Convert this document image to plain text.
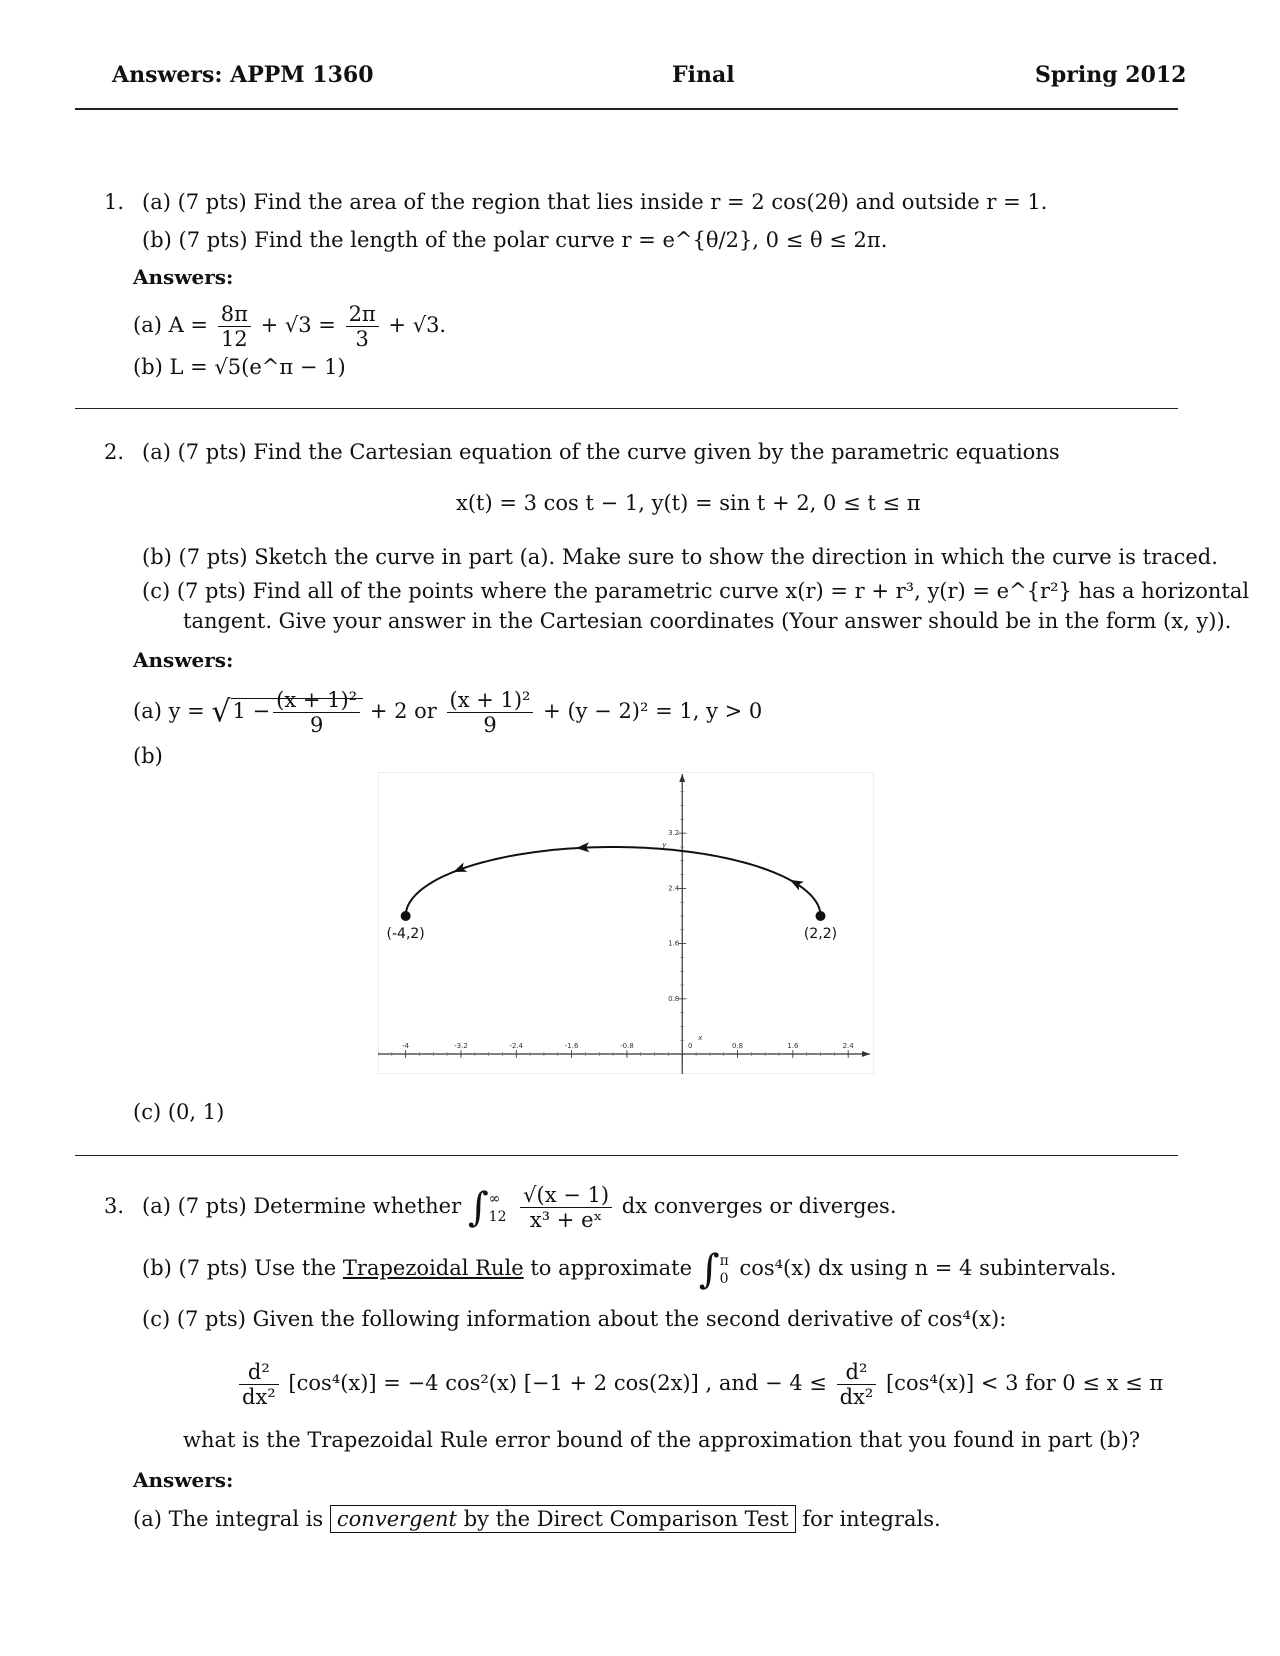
Answers: APPM 1360	Final	Spring 2012
1. (a) (7 pts) Find the area of the region that lies inside r = 2 cos(2θ) and outside r = 1.
(b) (7 pts) Find the length of the polar curve r = e^{θ/2}, 0 ≤ θ ≤ 2π.
Answers:
(a) $A = \frac{8\pi}{12} + √3 = \frac{2\pi}{3} + √3$.
(b) L = √5(e^π − 1)
2. (a) (7 pts) Find the Cartesian equation of the curve given by the parametric equations
x(t) = 3 cos t − 1, y(t) = sin t + 2, 0 ≤ t ≤ π
(b) (7 pts) Sketch the curve in part (a). Make sure to show the direction in which the curve is traced.
(c) (7 pts) Find all of the points where the parametric curve x(r) = r + r³, y(r) = e^{r²} has a horizontal
tangent. Give your answer in the Cartesian coordinates (Your answer should be in the form (x, y)).
Answers:
(a) $y = √1 - \frac{\text{(x + 1)²}}{9} + 2$ or $\frac{\text{(x + 1)²}}{9} + (y - 2)^2 = 1$, y > 0
(b)
-4	-3.2	-2.4	-1.6	-0.8	0	0.8	1.6	2.4
0.8
1.6
2.4
3.2
x
y
(-4,2)	(2,2)
(c) (0, 1)
3. (a) (7 pts) Determine whether ∫∞
$12 \frac{√(x - 1)}{\text{x³ + eˣ}}$ dx converges or diverges.
(b) (7 pts) Use the Trapezoidal Rule to approximate ∫π
0 cos⁴(x) dx using n = 4 subintervals.
(c) (7 pts) Given the following information about the second derivative of cos⁴(x):
$\frac{\text{d²}}{\text{dx²}} [\cos^4(x)] = -4$ cos²(x) [−1 + 2 cos(2x)] , and − $4 \le \frac{\text{d²}}{\text{dx²}} [\cos^4(x)] < 3$ for 0 ≤ x ≤ π
what is the Trapezoidal Rule error bound of the approximation that you found in part (b)?
Answers:
(a) The integral is convergent by the Direct Comparison Test for integrals.
